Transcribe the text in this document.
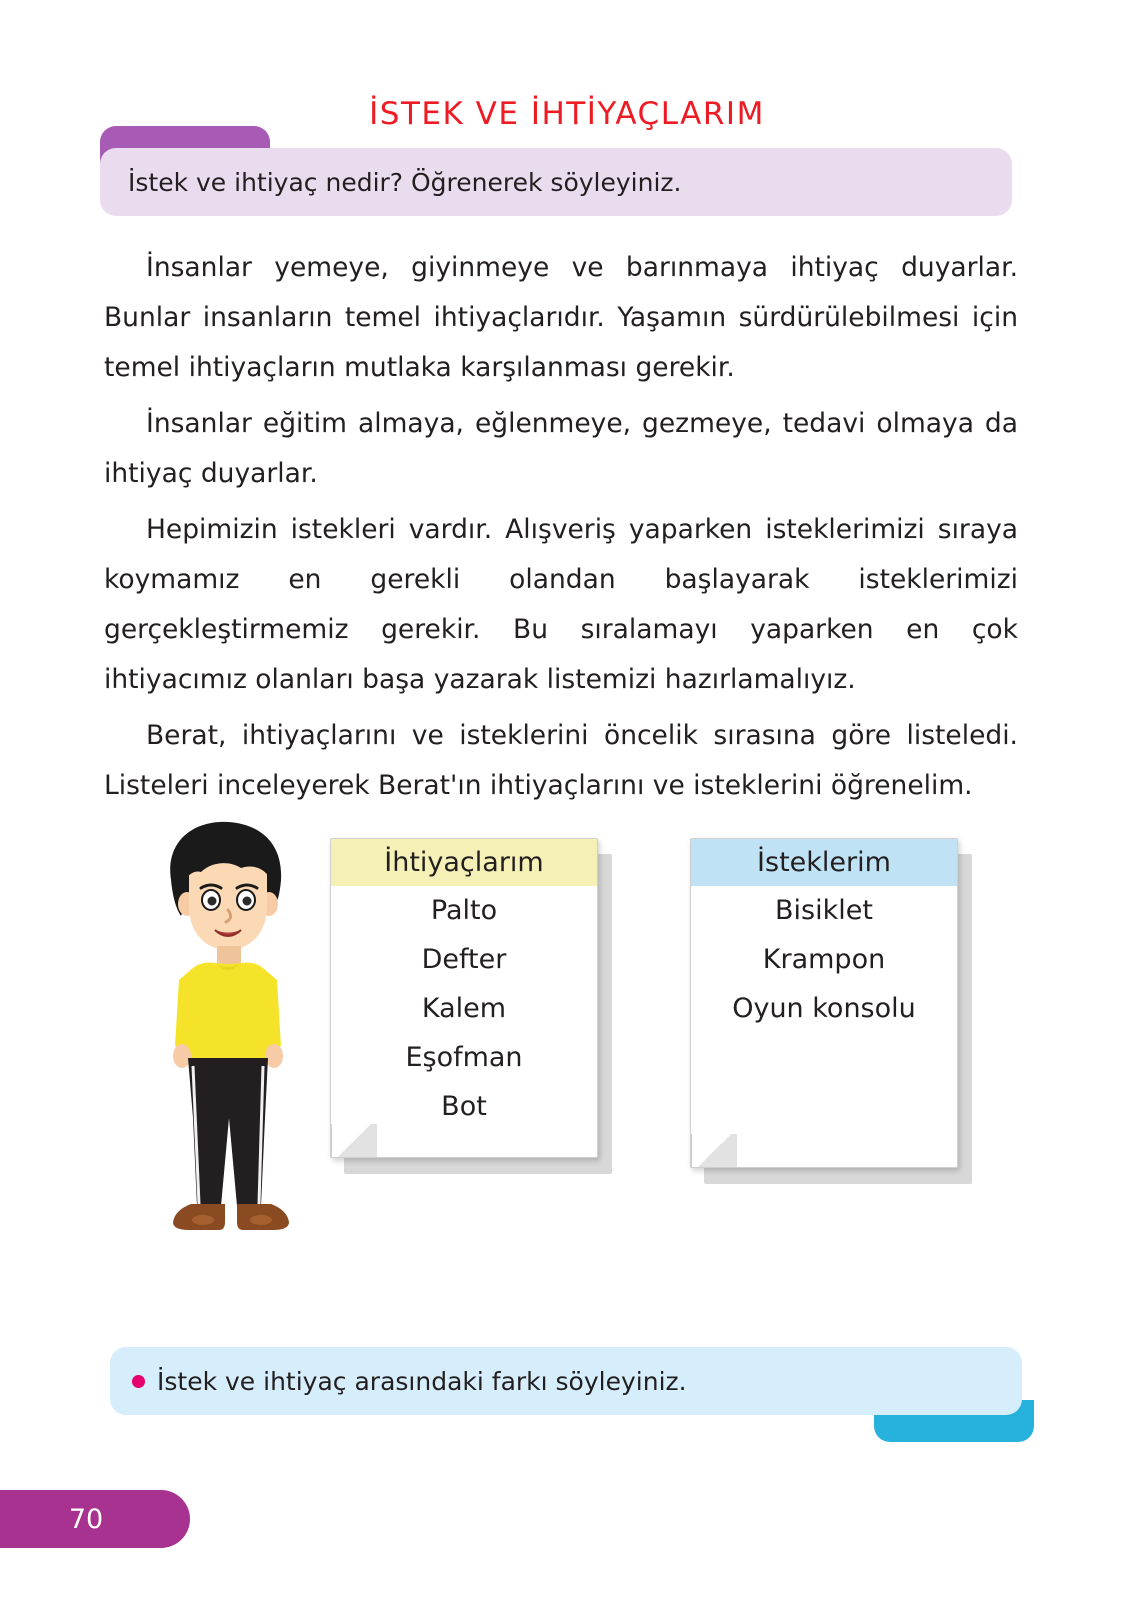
İSTEK VE İHTİYAÇLARIM
İstek ve ihtiyaç nedir? Öğrenerek söyleyiniz.

İnsanlar yemeye, giyinmeye ve barınmaya ihtiyaç duyarlar. Bunlar insanların temel ihtiyaçlarıdır. Yaşamın sürdürülebilmesi için temel ihtiyaçların mutlaka karşılanması gerekir.

İnsanlar eğitim almaya, eğlenmeye, gezmeye, tedavi olmaya da ihtiyaç duyarlar.

Hepimizin istekleri vardır. Alışveriş yaparken isteklerimizi sıraya koymamız en gerekli olandan başlayarak isteklerimizi gerçekleştirmemiz gerekir. Bu sıralamayı yaparken en çok ihtiyacımız olanları başa yazarak listemizi hazırlamalıyız.

Berat, ihtiyaçlarını ve isteklerini öncelik sırasına göre listeledi. Listeleri inceleyerek Berat'ın ihtiyaçlarını ve isteklerini öğrenelim.

İhtiyaçlarım
Palto
Defter
Kalem
Eşofman
Bot
İsteklerim
Bisiklet
Krampon
Oyun konsolu
İstek ve ihtiyaç arasındaki farkı söyleyiniz.
70
